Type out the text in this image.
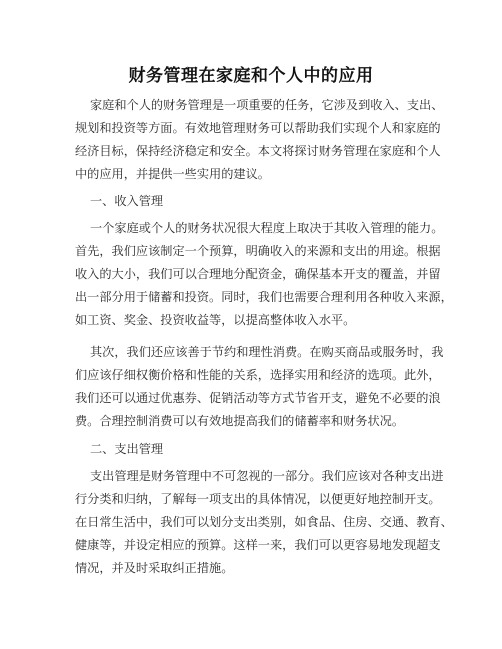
财务管理在家庭和个人中的应用
家庭和个人的财务管理是一项重要的任务，它涉及到收入、支出、
规划和投资等方面。有效地管理财务可以帮助我们实现个人和家庭的
经济目标，保持经济稳定和安全。本文将探讨财务管理在家庭和个人
中的应用，并提供一些实用的建议。
一、收入管理
一个家庭或个人的财务状况很大程度上取决于其收入管理的能力。
首先，我们应该制定一个预算，明确收入的来源和支出的用途。根据
收入的大小，我们可以合理地分配资金，确保基本开支的覆盖，并留
出一部分用于储蓄和投资。同时，我们也需要合理利用各种收入来源，
如工资、奖金、投资收益等，以提高整体收入水平。
其次，我们还应该善于节约和理性消费。在购买商品或服务时，我
们应该仔细权衡价格和性能的关系，选择实用和经济的选项。此外，
我们还可以通过优惠券、促销活动等方式节省开支，避免不必要的浪
费。合理控制消费可以有效地提高我们的储蓄率和财务状况。
二、支出管理
支出管理是财务管理中不可忽视的一部分。我们应该对各种支出进
行分类和归纳，了解每一项支出的具体情况，以便更好地控制开支。
在日常生活中，我们可以划分支出类别，如食品、住房、交通、教育、
健康等，并设定相应的预算。这样一来，我们可以更容易地发现超支
情况，并及时采取纠正措施。
